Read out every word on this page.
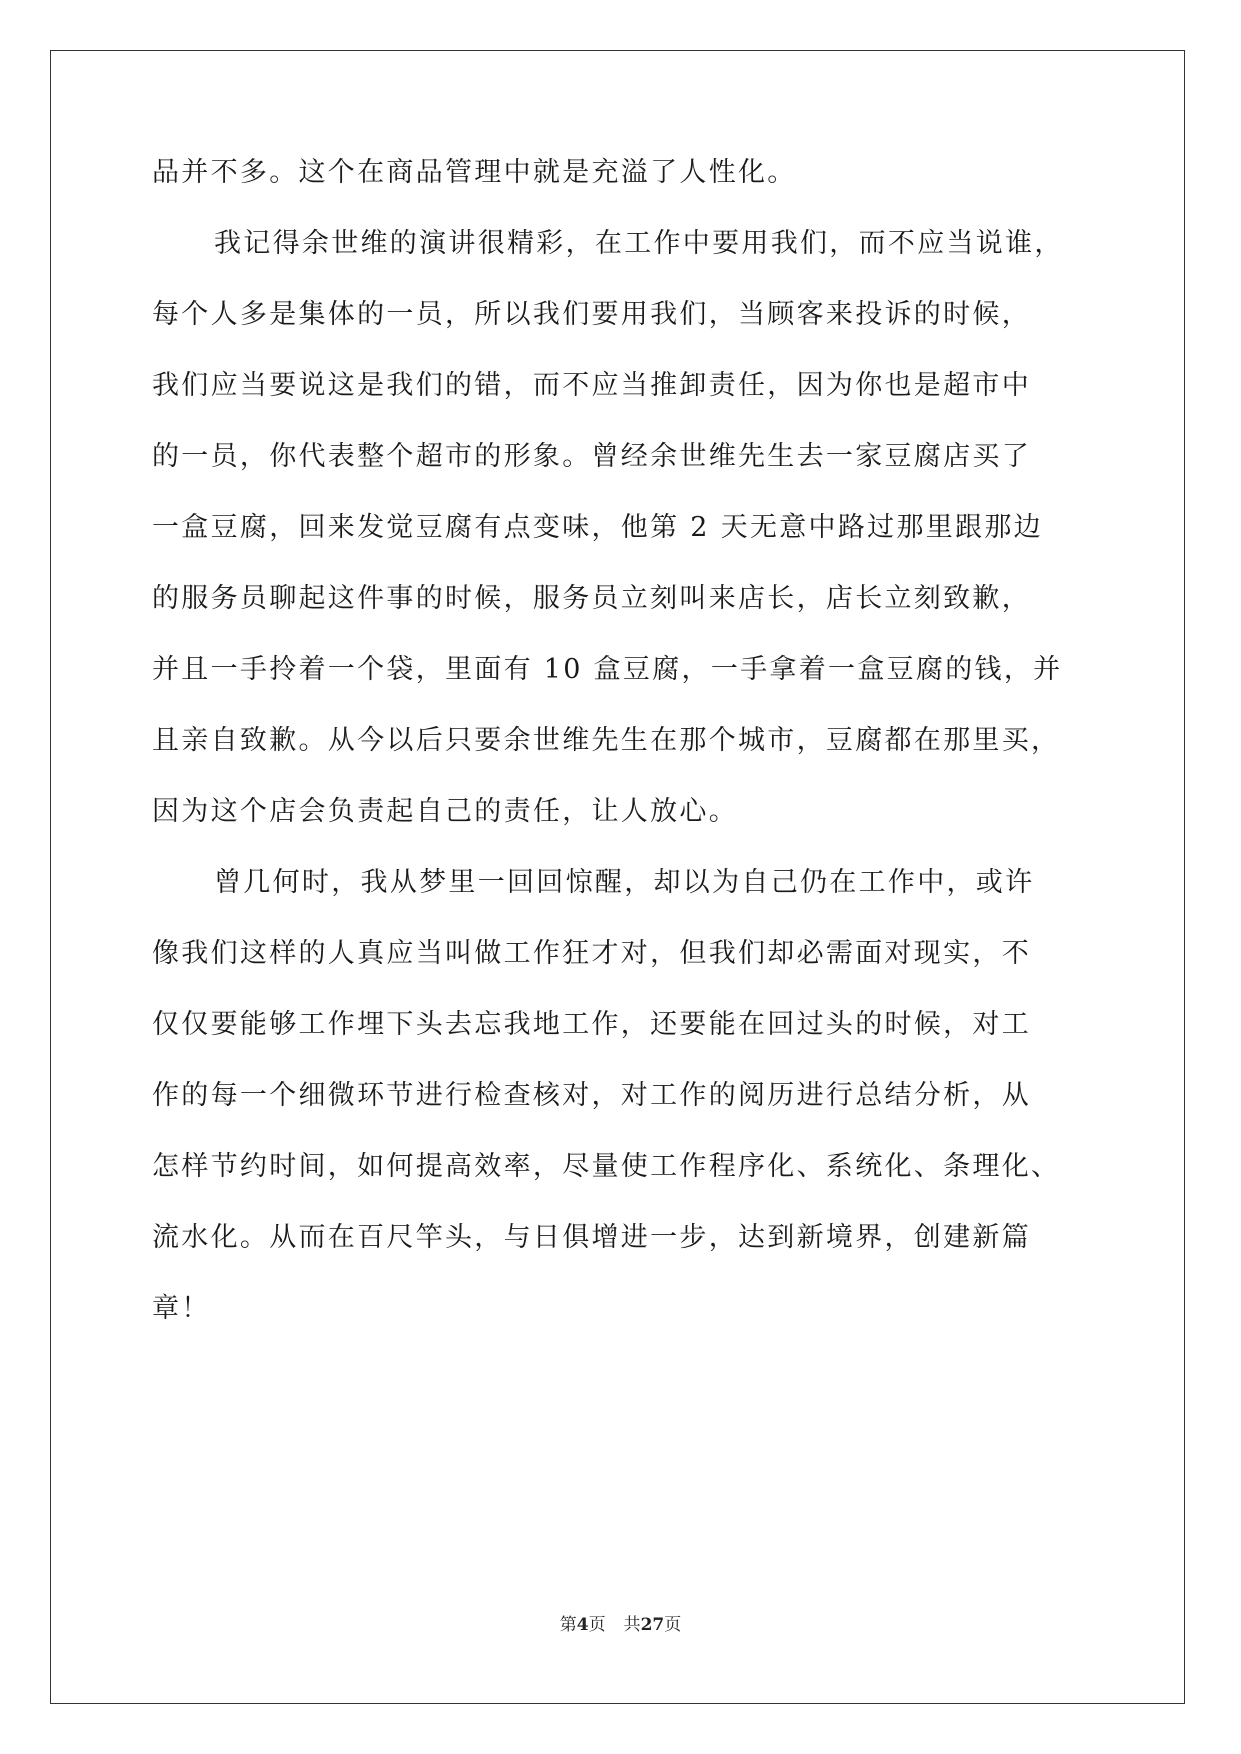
品并不多。这个在商品管理中就是充溢了人性化。
我记得余世维的演讲很精彩，在工作中要用我们，而不应当说谁，
每个人多是集体的一员，所以我们要用我们，当顾客来投诉的时候，
我们应当要说这是我们的错，而不应当推卸责任，因为你也是超市中
的一员，你代表整个超市的形象。曾经余世维先生去一家豆腐店买了
一盒豆腐，回来发觉豆腐有点变味，他第 2 天无意中路过那里跟那边
的服务员聊起这件事的时候，服务员立刻叫来店长，店长立刻致歉，
并且一手拎着一个袋，里面有 10 盒豆腐，一手拿着一盒豆腐的钱，并
且亲自致歉。从今以后只要余世维先生在那个城市，豆腐都在那里买，
因为这个店会负责起自己的责任，让人放心。
曾几何时，我从梦里一回回惊醒，却以为自己仍在工作中，或许
像我们这样的人真应当叫做工作狂才对，但我们却必需面对现实，不
仅仅要能够工作埋下头去忘我地工作，还要能在回过头的时候，对工
作的每一个细微环节进行检查核对，对工作的阅历进行总结分析，从
怎样节约时间，如何提高效率，尽量使工作程序化、系统化、条理化、
流水化。从而在百尺竿头，与日俱增进一步，达到新境界，创建新篇
章！
第4页 共27页
